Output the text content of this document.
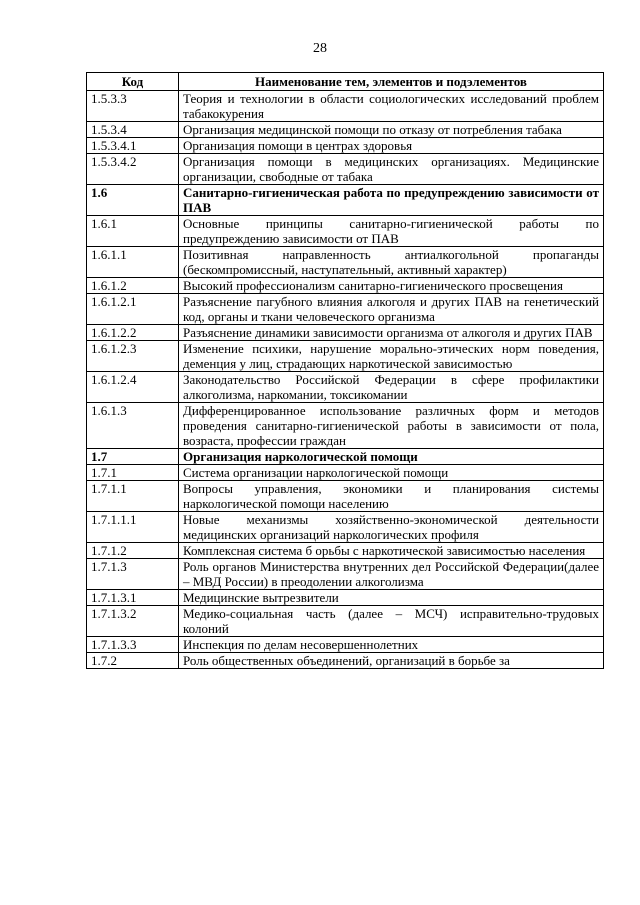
28
Код	Наименование тем, элементов и подэлементов
1.5.3.3	Теория и технологии в области социологических исследований проблем табакокурения
1.5.3.4	Организация медицинской помощи по отказу от потребления табака
1.5.3.4.1	Организация помощи в центрах здоровья
1.5.3.4.2	Организация помощи в медицинских организациях. Медицинские организации, свободные от табака
1.6	Санитарно-гигиеническая работа по предупреждению зависимости от ПАВ
1.6.1	Основные принципы санитарно-гигиенической работы по предупреждению зависимости от ПАВ
1.6.1.1	Позитивная направленность антиалкогольной пропаганды (бескомпромиссный, наступательный, активный характер)
1.6.1.2	Высокий профессионализм санитарно-гигиенического просвещения
1.6.1.2.1	Разъяснение пагубного влияния алкоголя и других ПАВ на генетический код, органы и ткани человеческого организма
1.6.1.2.2	Разъяснение динамики зависимости организма от алкоголя и других ПАВ
1.6.1.2.3	Изменение психики, нарушение морально-этических норм поведения, деменция у лиц, страдающих наркотической зависимостью
1.6.1.2.4	Законодательство Российской Федерации в сфере профилактики алкоголизма, наркомании, токсикомании
1.6.1.3	Дифференцированное использование различных форм и методов проведения санитарно-гигиенической работы в зависимости от пола, возраста, профессии граждан
1.7	Организация наркологической помощи
1.7.1	Система организации наркологической помощи
1.7.1.1	Вопросы управления, экономики и планирования системы наркологической помощи населению
1.7.1.1.1	Новые механизмы хозяйственно-экономической деятельности медицинских организаций наркологических профиля
1.7.1.2	Комплексная система б орьбы с наркотической зависимостью населения
1.7.1.3	Роль органов Министерства внутренних дел Российской Федерации(далее – МВД России) в преодолении алкоголизма
1.7.1.3.1	Медицинские вытрезвители
1.7.1.3.2	Медико-социальная часть (далее – МСЧ) исправительно-трудовых колоний
1.7.1.3.3	Инспекция по делам несовершеннолетних
1.7.2	Роль общественных объединений, организаций в борьбе за
